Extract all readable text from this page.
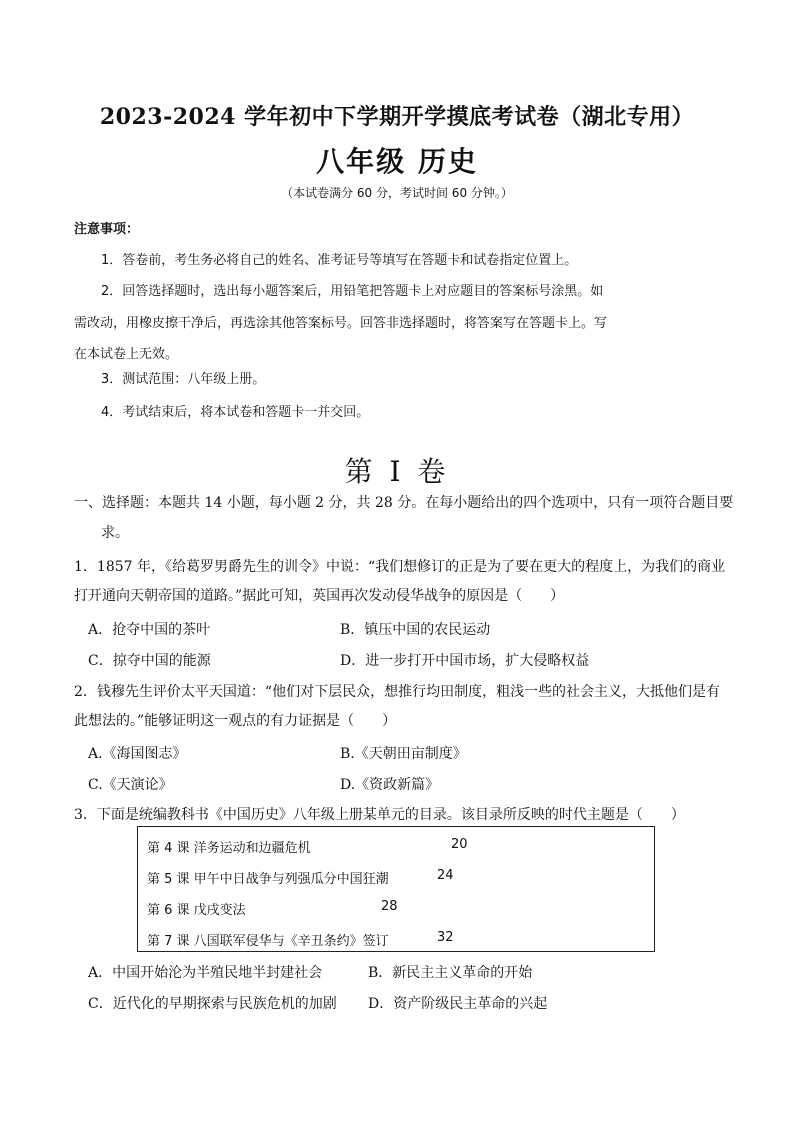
2023-2024 学年初中下学期开学摸底考试卷（湖北专用）
八年级 历史
（本试卷满分 60 分，考试时间 60 分钟。）
注意事项：
1．答卷前，考生务必将自己的姓名、准考证号等填写在答题卡和试卷指定位置上。
2．回答选择题时，选出每小题答案后，用铅笔把答题卡上对应题目的答案标号涂黑。如
需改动，用橡皮擦干净后，再选涂其他答案标号。回答非选择题时，将答案写在答题卡上。写
在本试卷上无效。
3．测试范围：八年级上册。
4．考试结束后，将本试卷和答题卡一并交回。
第 I 卷
一、选择题：本题共 14 小题，每小题 2 分，共 28 分。在每小题给出的四个选项中，只有一项符合题目要
求。
1．1857 年，《给葛罗男爵先生的训令》中说：“我们想修订的正是为了要在更大的程度上，为我们的商业
打开通向天朝帝国的道路。”据此可知，英国再次发动侵华战争的原因是（　　）
A．抢夺中国的茶叶	B．镇压中国的农民运动
C．掠夺中国的能源	D．进一步打开中国市场，扩大侵略权益
2．钱穆先生评价太平天国道：“他们对下层民众，想推行均田制度，粗浅一些的社会主义，大抵他们是有
此想法的。”能够证明这一观点的有力证据是（　　）
A.《海国图志》	B.《天朝田亩制度》
C.《天演论》	D.《资政新篇》
3．下面是统编教科书《中国历史》八年级上册某单元的目录。该目录所反映的时代主题是（　　）
第 4 课 洋务运动和边疆危机	20
第 5 课 甲午中日战争与列强瓜分中国狂潮	24
第 6 课 戊戌变法	28
第 7 课 八国联军侵华与《辛丑条约》签订	32
A．中国开始沦为半殖民地半封建社会	B．新民主主义革命的开始
C．近代化的早期探索与民族危机的加剧 D．资产阶级民主革命的兴起
